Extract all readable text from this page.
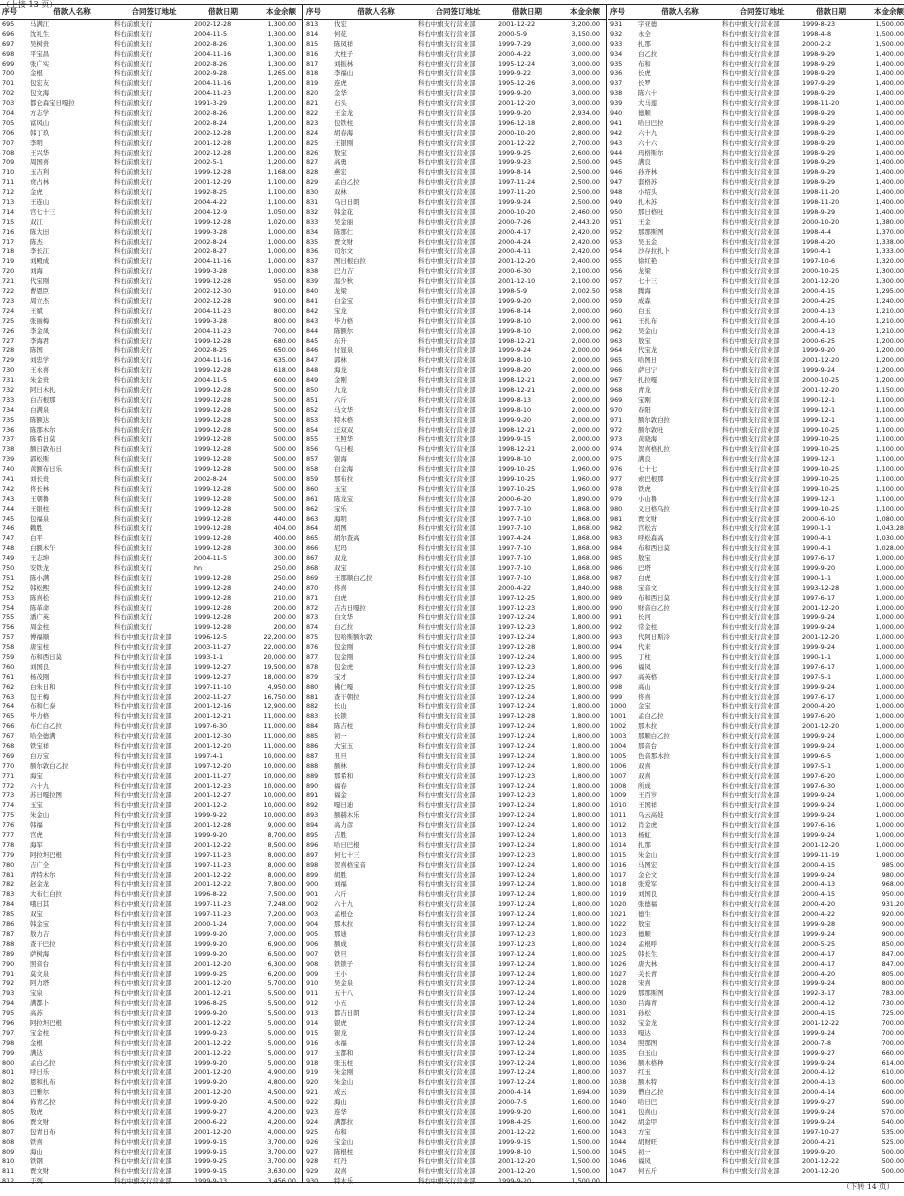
（上接 13 页）
序号	借款人名称	合同签订地址	借款日期	本金余额
695	马满江	科右前旗支行	2002-12-28	1,300.00
696	沈礼生	科右前旗支行	2004-11-5	1,300.00
697	吴树贵	科右前旗支行	2002-8-26	1,300.00
698	平宝昌	科右前旗支行	2004-11-16	1,300.00
699	张广实	科右前旗支行	2002-8-26	1,300.00
700	金根	科右前旗支行	2002-9-28	1,265.00
701	包宏友	科右前旗支行	2004-11-16	1,200.00
702	包文海	科右前旗支行	2004-11-23	1,200.00
703	都仑森宝日嘎拉	科右前旗支行	1991-3-29	1,200.00
704	方志学	科右前旗支行	2002-8-26	1,200.00
705	富风山	科右前旗支行	2002-8-24	1,200.00
706	韩丁玖	科右前旗支行	2002-12-28	1,200.00
707	李明	科右前旗支行	2001-12-28	1,200.00
708	王兴华	科右前旗支行	2002-12-28	1,200.00
709	周国喜	科右前旗支行	2002-5-1	1,200.00
710	玉吉利	科右前旗支行	1999-12-28	1,168.00
711	贲占林	科右前旗支行	2001-12-29	1,100.00
712	金虎	科右前旗支行	1992-8-25	1,100.00
713	王连山	科右前旗支行	2004-4-22	1,100.00
714	宫七十三	科右前旗支行	2004-12-9	1,050.00
715	双江	科右前旗支行	1999-12-28	1,020.00
716	陈大田	科右前旗支行	1999-3-28	1,000.00
717	陈杰	科右前旗支行	2002-8-24	1,000.00
718	李长江	科右前旗支行	2002-8-27	1,000.00
719	刘殿成	科右前旗支行	2004-11-16	1,000.00
720	刘海	科右前旗支行	1999-3-28	1,000.00
721	代宝刚	科右前旗支行	1999-12-28	950.00
722	曹恩臣	科右前旗支行	2002-12-30	910.00
723	周立杰	科右前旗支行	2002-12-28	900.00
724	王斌	科右前旗支行	2004-11-23	800.00
725	张丽梅	科右前旗支行	1999-3-28	800.00
726	李金凤	科右前旗支行	2004-11-23	700.00
727	李海君	科右前旗支行	1999-12-28	680.00
728	陈国	科右前旗支行	2002-8-25	650.00
729	刘忠学	科右前旗支行	2004-11-16	635.00
730	王永喜	科右前旗支行	1999-12-28	618.00
731	朱金贵	科右前旗支行	2004-11-5	600.00
732	阿日木扎	科右前旗支行	1999-12-28	500.00
733	白吉根那	科右前旗支行	1999-12-28	500.00
734	白满泉	科右前旗支行	1999-12-28	500.00
735	陈额达	科右前旗支行	1999-12-28	500.00
736	陈那木尔	科右前旗支行	1999-12-28	500.00
737	陈希日莫	科右前旗支行	1999-12-28	500.00
738	额日敦布日	科右前旗支行	1999-12-28	500.00
739	郭松斯	科右前旗支行	1999-12-28	500.00
740	黄额布日乐	科右前旗支行	1999-12-28	500.00
741	刘长贵	科右前旗支行	2002-8-24	500.00
742	佟长林	科右前旗支行	1999-12-28	500.00
743	王朝鲁	科右前旗支行	1999-12-28	500.00
744	王银柱	科右前旗支行	1999-12-28	500.00
745	包福泉	科右前旗支行	1999-12-28	440.00
746	赖胜	科右前旗支行	1999-12-28	404.00
747	白平	科右前旗支行	1999-12-28	400.00
748	白额木午	科右前旗支行	1999-12-28	300.00
749	王志坤	科右前旗支行	2004-11-5	300.00
750	安铁龙	科右前旗支行	hn	250.00
751	陈小满	科右前旗支行	1999-12-28	250.00
752	韩松熙	科右前旗支行	1999-12-28	240.00
753	陈喜松	科右前旗支行	1999-12-28	210.00
754	陈革命	科右前旗支行	1999-12-28	200.00
755	潘广英	科右前旗支行	1999-12-28	200.00
756	周金柱	科右前旗支行	1999-12-28	200.00
757	傅福顺	科右中旗支行营业部	1996-12-5	22,200.00
758	唐宝柱	科右中旗支行营业部	2003-11-27	22,000.00
759	布和西日莫	科右中旗支行营业部	1993-1-1	20,000.00
760	刘国良	科右中旗支行营业部	1999-12-27	19,500.00
761	杨茂刚	科右中旗支行营业部	1999-12-27	18,000.00
762	白朱日和	科右中旗支行营业部	1997-11-10	4,950.00
763	包王梅	科右中旗支行营业部	2002-11-27	16,750.00
764	布和仁泰	科右中旗支行营业部	2001-12-16	12,900.00
765	毕力格	科右中旗支行营业部	2001-12-21	11,000.00
766	布仁白乙拉	科右中旗支行营业部	1997-6-30	11,000.00
767	哈全德满	科右中旗支行营业部	2001-12-30	11,000.00
768	铁宝祥	科右中旗支行营业部	2001-12-20	11,000.00
769	白万宝	科右中旗支行营业部	1997-4-1	10,000.00
770	额尔敦白乙拉	科右中旗支行营业部	1997-12-20	10,000.00
771	海宝	科右中旗支行营业部	2001-11-27	10,000.00
772	六十九	科右中旗支行营业部	2001-12-23	10,000.00
773	苏日嘎拉图	科右中旗支行营业部	2001-12-27	10,000.00
774	玉宝	科右中旗支行营业部	2001-12-2	10,000.00
775	朱金山	科右中旗支行营业部	1999-9-22	10,000.00
776	韩福	科右中旗支行营业部	2001-12-28	9,000.00
777	宫虎	科右中旗支行营业部	1999-9-20	8,700.00
778	海军	科右中旗支行营业部	2001-12-22	8,500.00
779	阿拉坦巴根	科右中旗支行营业部	1997-11-23	8,000.00
780	吉广全	科右中旗支行营业部	1997-11-23	8,000.00
781	青特木尔	科右中旗支行营业部	2001-12-22	8,000.00
782	赵金龙	科右中旗支行营业部	2001-12-22	7,800.00
783	大布仁白拉	科右中旗支行营业部	1996-8-22	7,500.00
784	哦日其	科右中旗支行营业部	1997-11-23	7,248.00
785	双宝	科右中旗支行营业部	1997-11-23	7,200.00
786	韩金宝	科右中旗支行营业部	2000-1-24	7,000.00
787	敖力吉	科右中旗支行营业部	1999-9-20	7,000.00
788	查干巴拉	科右中旗支行营业部	1999-9-20	6,900.00
789	萨树海	科右中旗支行营业部	1999-9-20	6,500.00
790	照音台	科右中旗支行营业部	2001-12-20	6,300.00
791	莫文泉	科右中旗支行营业部	1999-9-25	6,200.00
792	阿力塔	科右中旗支行营业部	2001-12-20	5,700.00
793	宝泉	科右中旗支行营业部	2001-12-21	5,500.00
794	满都卜	科右中旗支行营业部	1996-8-25	5,500.00
795	高苏	科右中旗支行营业部	1999-9-20	5,500.00
796	阿拉坦巴根	科右中旗支行营业部	2001-12-22	5,000.00
797	宝金柱	科右中旗支行营业部	1999-9-23	5,000.00
798	金根	科右中旗支行营业部	2001-12-22	5,000.00
799	满达	科右中旗支行营业部	2001-12-22	5,000.00
800	孟白乙拉	科右中旗支行营业部	1999-9-20	5,000.00
801	呼日乐	科右中旗支行营业部	2001-12-20	4,900.00
802	恩和扎布	科右中旗支行营业部	1999-9-20	4,800.00
803	巴雅尔	科右中旗支行营业部	2001-12-20	4,500.00
804	佈青乙拉	科右中旗支行营业部	1999-9-20	4,500.00
805	敖虎	科右中旗支行营业部	1999-9-27	4,200.00
806	贾文财	科右中旗支行营业部	2000-6-22	4,200.00
807	包青日布	科右中旗支行营业部	2001-12-20	4,000.00
808	铁喜	科右中旗支行营业部	1999-9-15	3,700.00
809	海山	科右中旗支行营业部	1999-9-15	3,700.00
810	铁钢	科右中旗支行营业部	1999-9-25	3,700.00
811	贾文财	科右中旗支行营业部	1999-9-15	3,630.00
812	于列	科右中旗支行营业部	1999-9-13	3,456.00
序号	借款人名称	合同签订地址	借款日期	本金余额
813	伐宏	科右中旗支行营业部	2001-12-22	3,200.00
814	何花	科右中旗支行营业部	2000-5-9	3,150.00
815	陈凤祥	科右中旗支行营业部	1999-7-29	3,000.00
816	大柱子	科右中旗支行营业部	2000-4-22	3,000.00
817	刘振林	科右中旗支行营业部	1995-12-24	3,000.00
818	李福山	科右中旗支行营业部	1999-9-22	3,000.00
819	连虎	科右中旗支行营业部	1995-12-26	3,000.00
820	金华	科右中旗支行营业部	1999-9-20	3,000.00
821	石头	科右中旗支行营业部	2001-12-20	3,000.00
822	王金龙	科右中旗支行营业部	1999-9-20	2,934.00
823	包铁柱	科右中旗支行营业部	1996-12-18	2,800.00
824	胡春海	科右中旗支行营业部	2000-10-20	2,800.00
825	王银刚	科右中旗支行营业部	2001-12-22	2,700.00
826	敖宝	科右中旗支行营业部	1999-9-25	2,600.00
827	高勇	科右中旗支行营业部	1999-9-23	2,500.00
828	燕宏	科右中旗支行营业部	1999-8-14	2,500.00
829	孟白乙拉	科右中旗支行营业部	1997-11-24	2,500.00
830	双林	科右中旗支行营业部	1997-11-20	2,500.00
831	乌日日朗	科右中旗支行营业部	1999-9-24	2,500.00
832	韩金花	科右中旗支行营业部	2000-10-20	2,460.00
833	吴金丽	科右中旗支行营业部	2000-7-26	2,443.20
834	陈那仁	科右中旗支行营业部	2000-4-17	2,420.00
835	贾文财	科右中旗支行营业部	2000-4-24	2,420.00
836	司尔文	科右中旗支行营业部	2000-4-11	2,420.00
837	图日根白拉	科右中旗支行营业部	2001-12-20	2,400.00
838	巴力吉	科右中旗支行营业部	2000-6-30	2,100.00
839	温少秋	科右中旗支行营业部	2001-12-10	2,100.00
840	龙梁	科右中旗支行营业部	1998-5-9	2,002.50
841	白金宝	科右中旗支行营业部	1999-9-20	2,000.00
842	宝龙	科右中旗支行营业部	1996-8-14	2,000.00
843	毕力格	科右中旗支行营业部	1999-8-10	2,000.00
844	陈额尔	科右中旗支行营业部	1999-8-10	2,000.00
845	东升	科右中旗支行营业部	1998-12-21	2,000.00
846	付显泉	科右中旗支行营业部	1999-9-24	2,000.00
847	郭林	科右中旗支行营业部	1999-8-10	2,000.00
848	海龙	科右中旗支行营业部	1999-8-20	2,000.00
849	金刚	科右中旗支行营业部	1998-12-21	2,000.00
850	九龙	科右中旗支行营业部	1998-12-21	2,000.00
851	六斤	科右中旗支行营业部	1999-8-13	2,000.00
852	马文华	科右中旗支行营业部	1999-8-10	2,000.00
853	特木格	科右中旗支行营业部	1999-9-20	2,000.00
854	汪双双	科右中旗支行营业部	1998-12-21	2,000.00
855	王照华	科右中旗支行营业部	1999-9-15	2,000.00
856	乌日根	科右中旗支行营业部	1998-12-21	2,000.00
857	银海	科右中旗支行营业部	1999-8-10	2,000.00
858	白金海	科右中旗支行营业部	1999-10-25	1,960.00
859	那布拉	科右中旗支行营业部	1999-10-25	1,960.00
860	玉宝	科右中旗支行营业部	1997-10-25	1,960.00
861	陈龙宝	科右中旗支行营业部	2000-6-20	1,890.00
862	宝乐	科右中旗支行营业部	1997-7-10	1,868.00
863	海明	科右中旗支行营业部	1997-7-10	1,868.00
864	胡图	科右中旗支行营业部	1997-7-10	1,868.00
865	胡尔查高	科右中旗支行营业部	1997-4-24	1,868.00
866	尼玛	科右中旗支行营业部	1997-7-10	1,868.00
867	双龙	科右中旗支行营业部	1997-7-10	1,868.00
868	双宝	科右中旗支行营业部	1997-7-10	1,868.00
869	王那顺白乙拉	科右中旗支行营业部	1997-7-10	1,868.00
870	佟喜	科右中旗支行营业部	2000-4-22	1,840.00
871	白虎	科右中旗支行营业部	1997-12-25	1,800.00
872	吉古日嘎拉	科右中旗支行营业部	1997-12-23	1,800.00
873	白文华	科右中旗支行营业部	1997-12-24	1,800.00
874	白乙拉	科右中旗支行营业部	1997-12-23	1,800.00
875	包哈斯额尔敦	科右中旗支行营业部	1997-12-24	1,800.00
876	包金刚	科右中旗支行营业部	1997-12-28	1,800.00
877	包金刚	科右中旗支行营业部	1997-12-24	1,800.00
878	包金虎	科右中旗支行营业部	1997-12-23	1,800.00
879	宝才	科右中旗支行营业部	1997-12-24	1,800.00
880	佛仁嘎	科右中旗支行营业部	1997-12-25	1,800.00
881	查干朝拉	科右中旗支行营业部	1997-12-24	1,800.00
882	长山	科右中旗支行营业部	1997-12-24	1,800.00
883	长锁	科右中旗支行营业部	1997-12-28	1,800.00
884	陈吉柱	科右中旗支行营业部	1997-12-24	1,800.00
885	初一	科右中旗支行营业部	1997-12-24	1,800.00
886	大宝玉	科右中旗支行营业部	1997-12-24	1,800.00
887	丑旦	科右中旗支行营业部	1997-12-24	1,800.00
888	额林	科右中旗支行营业部	1997-12-24	1,800.00
889	那希和	科右中旗支行营业部	1997-12-23	1,800.00
890	福春	科右中旗支行营业部	1997-12-24	1,800.00
891	福金	科右中旗支行营业部	1997-12-23	1,800.00
892	嘎日迪	科右中旗支行营业部	1997-12-24	1,800.00
893	额赫木乐	科右中旗支行营业部	1997-12-24	1,800.00
894	高力彦	科右中旗支行营业部	1997-12-24	1,800.00
895	吉胜	科右中旗支行营业部	1997-12-24	1,800.00
896	哈日巴根	科右中旗支行营业部	1997-12-24	1,800.00
897	何七十三	科右中旗支行营业部	1997-12-23	1,800.00
898	贺喜格宝音	科右中旗支行营业部	1997-12-24	1,800.00
899	胡胜	科右中旗支行营业部	1997-12-24	1,800.00
900	刘福	科右中旗支行营业部	1997-12-24	1,800.00
901	六斤	科右中旗支行营业部	1997-12-24	1,800.00
902	六十九	科右中旗支行营业部	1997-12-24	1,800.00
903	孟根仓	科右中旗支行营业部	1997-12-24	1,800.00
904	那木拉	科右中旗支行营业部	1997-12-24	1,800.00
905	那迪	科右中旗支行营业部	1997-12-23	1,800.00
906	额成	科右中旗支行营业部	1997-12-23	1,800.00
907	铁旦	科右中旗支行营业部	1997-12-24	1,800.00
908	铁锁子	科右中旗支行营业部	1997-12-24	1,800.00
909	王小	科右中旗支行营业部	1997-12-24	1,800.00
910	吴金泉	科右中旗支行营业部	1997-12-24	1,800.00
911	五十八	科右中旗支行营业部	1997-12-24	1,800.00
912	小五	科右中旗支行营业部	1997-12-24	1,800.00
913	都吉日朗	科右中旗支行营业部	1997-12-24	1,800.00
914	银虎	科右中旗支行营业部	1997-12-24	1,800.00
915	银龙	科右中旗支行营业部	1997-12-24	1,800.00
916	永福	科右中旗支行营业部	1997-12-24	1,800.00
917	玉都和	科右中旗支行营业部	1997-12-24	1,800.00
918	张玉柱	科右中旗支行营业部	1997-12-24	1,800.00
919	朱金刚	科右中旗支行营业部	1997-12-24	1,800.00
920	朱金山	科右中旗支行营业部	1997-12-24	1,800.00
921	成云	科右中旗支行营业部	2000-4-14	1,694.00
922	海山	科右中旗支行营业部	2000-7-5	1,600.00
923	连华	科右中旗支行营业部	1999-9-20	1,600.00
924	满都拉	科右中旗支行营业部	1998-4-25	1,600.00
925	布和	科右中旗支行营业部	2001-12-22	1,600.00
926	宝金山	科右中旗支行营业部	1999-9-15	1,500.00
927	陈根柱	科右中旗支行营业部	1999-8-10	1,500.00
928	红丹	科右中旗支行营业部	2001-12-20	1,500.00
929	双喜	科右中旗支行营业部	2001-12-20	1,500.00
930	特木乐	科右中旗支行营业部	1999-9-20	1,500.00
序号	借款人名称	合同签订地址	借款日期	本金余额
931	宇亚德	科右中旗支行营业部	1999-8-23	1,500.00
932	永全	科右中旗支行营业部	1998-4-8	1,500.00
933	扎那	科右中旗支行营业部	2000-2-2	1,500.00
934	白乙拉	科右中旗支行营业部	1998-9-29	1,400.00
935	布和	科右中旗支行营业部	1998-9-29	1,400.00
936	长虎	科右中旗支行营业部	1998-9-29	1,400.00
937	长罗	科右中旗支行营业部	1997-9-29	1,400.00
938	陈六十	科右中旗支行营业部	1998-9-29	1,400.00
939	大马莲	科右中旗支行营业部	1998-11-20	1,400.00
940	德顺	科右中旗支行营业部	1998-9-29	1,400.00
941	哈日巴拉	科右中旗支行营业部	1998-9-29	1,400.00
942	六十九	科右中旗支行营业部	1998-9-29	1,400.00
943	六十六	科右中旗支行营业部	1998-9-29	1,400.00
944	玛格斯尔	科右中旗支行营业部	1998-9-29	1,400.00
945	满良	科右中旗支行营业部	1998-9-29	1,400.00
946	孙齐林	科右中旗支行营业部	1998-9-29	1,400.00
947	套格苏	科右中旗支行营业部	1998-9-29	1,400.00
948	小绍头	科右中旗支行营业部	1998-11-20	1,400.00
949	扎木苏	科右中旗支行营业部	1998-11-20	1,400.00
950	那日格吐	科右中旗支行营业部	1998-9-29	1,400.00
951	王金	科右中旗支行营业部	2000-10-20	1,380.00
952	那那斯图	科右中旗支行营业部	1998-4-4	1,370.00
953	吴玉金	科右中旗支行营业部	1998-4-20	1,338.00
954	沙存拉扎卜	科右中旗支行营业部	1990-4-1	1,333.00
955	徐红艳	科右中旗支行营业部	1997-10-6	1,320.00
956	龙梁	科右中旗支行营业部	2000-10-25	1,300.00
957	七十三	科右中旗支行营业部	2001-12-20	1,300.00
958	腾海	科右中旗支行营业部	2000-4-15	1,295.00
959	成森	科右中旗支行营业部	2000-4-25	1,240.00
960	白玉	科右中旗支行营业部	2000-4-13	1,210.00
961	王扎布	科右中旗支行营业部	2000-4-10	1,210.00
962	吴金山	科右中旗支行营业部	2000-4-13	1,210.00
963	敖宝	科右中旗支行营业部	2000-6-25	1,200.00
964	代宝龙	科右中旗支行营业部	1999-9-20	1,200.00
965	哈图日	科右中旗支行营业部	2001-12-20	1,200.00
966	萨日宁	科右中旗支行营业部	1999-9-24	1,200.00
967	扎拉嘎	科右中旗支行营业部	2000-10-25	1,200.00
968	青龙	科右中旗支行营业部	2001-12-20	1,150.00
969	宝刚	科右中旗支行营业部	1990-12-1	1,100.00
970	春阳	科右中旗支行营业部	1999-12-1	1,100.00
971	额尔敦白拉	科右中旗支行营业部	1999-12-1	1,100.00
972	额尔敦吐	科右中旗支行营业部	1999-10-25	1,100.00
973	黄晓海	科右中旗支行营业部	1999-10-25	1,100.00
974	贺喜格扎拉	科右中旗支行营业部	1999-10-25	1,100.00
975	满良	科右中旗支行营业部	1999-12-1	1,100.00
976	七十七	科右中旗支行营业部	1999-10-25	1,100.00
977	索巴根那	科右中旗支行营业部	1999-10-25	1,100.00
978	铁虎	科右中旗支行营业部	1999-10-25	1,100.00
979	小山鲁	科右中旗支行营业部	1999-12-1	1,100.00
980	义日格乌拉	科右中旗支行营业部	1999-10-25	1,100.00
981	贾文财	科右中旗支行营业部	2000-6-10	1,080.00
982	宫松古	科右中旗支行营业部	1990-1-1	1,043.28
983	呼松森高	科右中旗支行营业部	1990-4-1	1,030.00
984	布和西日莫	科右中旗支行营业部	1990-4-1	1,028.00
985	敖宝	科右中旗支行营业部	1997-6-17	1,000.00
986	巴塔	科右中旗支行营业部	1999-9-20	1,000.00
987	白虎	科右中旗支行营业部	1990-1-1	1,000.00
988	宝音文	科右中旗支行营业部	1993-12-28	1,000.00
989	布和西日莫	科右中旗支行营业部	1997-6-17	1,000.00
990	财音白乙拉	科右中旗支行营业部	2001-12-20	1,000.00
991	长河	科右中旗支行营业部	1999-9-24	1,000.00
992	常金柱	科右中旗支行营业部	1999-9-24	1,000.00
993	代阿日斯冷	科右中旗支行营业部	2001-12-20	1,000.00
994	代来	科右中旗支行营业部	1999-9-24	1,000.00
995	丁柱	科右中旗支行营业部	1990-1-1	1,000.00
996	福凤	科右中旗支行营业部	1997-6-17	1,000.00
997	高英格	科右中旗支行营业部	1997-5-1	1,000.00
998	高山	科右中旗支行营业部	1999-9-24	1,000.00
999	佟喜	科右中旗支行营业部	1997-6-17	1,000.00
1000	金宝	科右中旗支行营业部	2000-4-20	1,000.00
1001	孟白乙拉	科右中旗支行营业部	1997-6-20	1,000.00
1002	那木拉	科右中旗支行营业部	2001-12-20	1,000.00
1003	那顺白乙拉	科右中旗支行营业部	1999-9-24	1,000.00
1004	那音台	科右中旗支行营业部	1999-9-24	1,000.00
1005	色音那木拉	科右中旗支行营业部	1999-6-5	1,000.00
1006	双喜	科右中旗支行营业部	1997-5-1	1,000.00
1007	双喜	科右中旗支行营业部	1997-6-20	1,000.00
1008	所成	科右中旗支行营业部	1997-6-30	1,000.00
1009	王百岁	科右中旗支行营业部	1999-9-24	1,000.00
1010	王国祥	科右中旗支行营业部	1999-9-24	1,000.00
1011	乌云高娃	科右中旗支行营业部	1999-9-24	1,000.00
1012	肖金虎	科右中旗支行营业部	1997-6-16	1,000.00
1013	杨虹	科右中旗支行营业部	1999-9-24	1,000.00
1014	扎那	科右中旗支行营业部	2001-12-20	1,000.00
1015	朱金山	科右中旗支行营业部	1999-11-19	1,000.00
1016	马图宏	科右中旗支行营业部	2000-4-15	985.00
1017	金仑文	科右中旗支行营业部	1999-9-24	980.00
1018	张爱军	科右中旗支行营业部	2000-4-13	968.00
1019	刘国良	科右中旗支行营业部	2000-4-15	950.00
1020	张德福	科右中旗支行营业部	2000-4-20	931.20
1021	德生	科右中旗支行营业部	2000-4-22	920.00
1022	敖宝	科右中旗支行营业部	1999-9-28	900.00
1023	德顺	科右中旗支行营业部	1999-9-24	900.00
1024	孟根呼	科右中旗支行营业部	2000-5-25	850.00
1025	韩长生	科右中旗支行营业部	2000-4-17	847.00
1026	唐大林	科右中旗支行营业部	2000-4-17	847.00
1027	关长青	科右中旗支行营业部	2000-4-20	805.00
1028	宋喜	科右中旗支行营业部	1999-9-24	800.00
1029	那那斯图	科右中旗支行营业部	1992-3-17	783.00
1030	吕海青	科右中旗支行营业部	2000-4-12	730.00
1031	孙松	科右中旗支行营业部	2000-4-15	725.00
1032	宝金龙	科右中旗支行营业部	2001-12-22	700.00
1033	嘎达	科右中旗支行营业部	1999-9-24	700.00
1034	照那图	科右中旗支行营业部	2000-7-8	700.00
1035	白玉山	科右中旗支行营业部	1999-9-27	660.00
1036	额木格种	科右中旗支行营业部	1999-9-24	614.00
1037	红玉	科右中旗支行营业部	2000-4-12	610.00
1038	额木特	科右中旗支行营业部	2000-4-13	600.00
1039	僧白乙拉	科右中旗支行营业部	2000-4-14	600.00
1040	哈日巴	科右中旗支行营业部	1999-9-27	590.00
1041	包喜山	科右中旗支行营业部	1999-9-24	570.00
1042	胡金甲	科右中旗支行营业部	1999-9-24	540.00
1043	方宝	科右中旗支行营业部	1997-10-27	535.00
1044	胡财旺	科右中旗支行营业部	2000-4-21	525.00
1045	初一	科右中旗支行营业部	1999-9-20	500.00
1046	福凤	科右中旗支行营业部	2001-12-22	500.00
1047	何五斤	科右中旗支行营业部	2001-12-20	500.00
（下转 14 页）
